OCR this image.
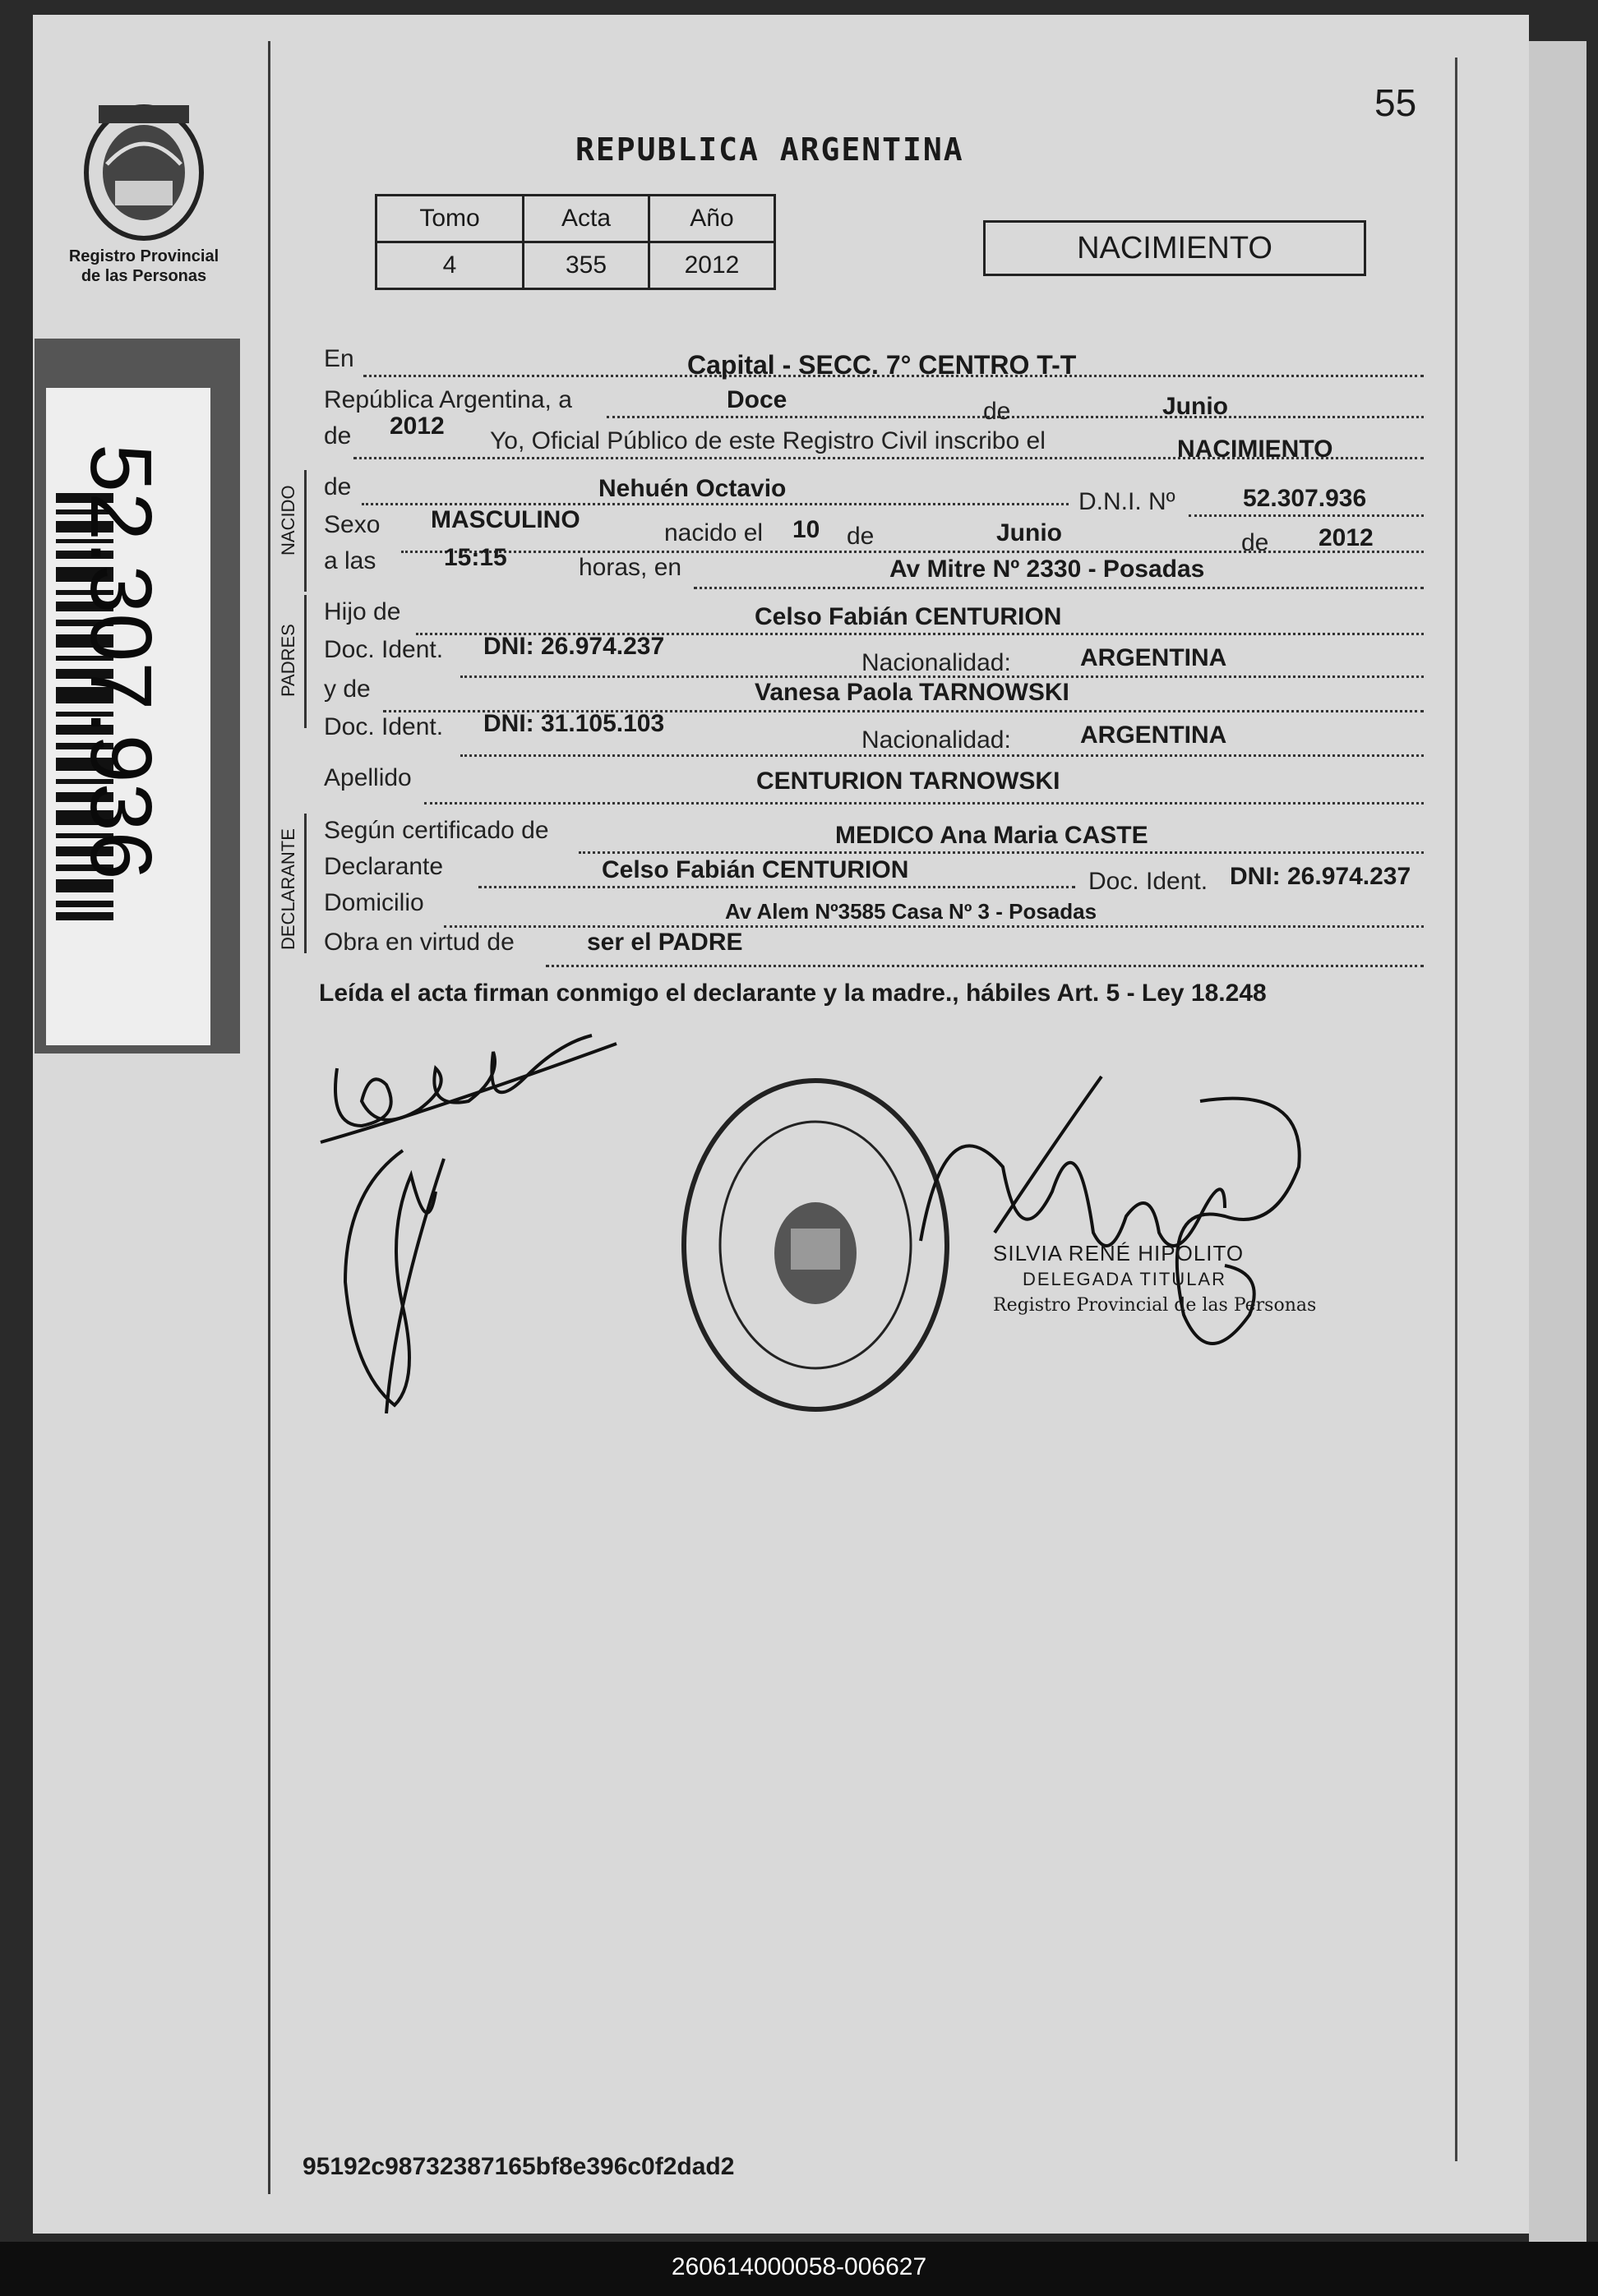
Registro Provincial
de las Personas
52.307.936
55
REPUBLICA ARGENTINA
Tomo	Acta	Año
4	355	2012	NACIMIENTO
En	Capital - SECC. 7° CENTRO T-T
República Argentina, a	Doce	de	Junio
de 2012
Yo, Oficial Público de este Registro Civil inscribo el	NACIMIENTO
NACIDO de	Nehuén Octavio	D.N.I. Nº	52.307.936
Sexo MASCULINO	nacido el 10 de	Junio	de 2012
a las	15:15	horas, en	Av Mitre Nº 2330 - Posadas
PADRES
Hijo de	Celso Fabián CENTURION
Doc. Ident. DNI: 26.974.237
Nacionalidad:	ARGENTINA
y de	Vanesa Paola TARNOWSKI
Doc. Ident. DNI: 31.105.103
Nacionalidad:	ARGENTINA
Apellido	CENTURION TARNOWSKI
DECLARANTE Según certificado de	MEDICO Ana Maria CASTE
Declarante	Celso Fabián CENTURION	Doc. Ident. DNI: 26.974.237
Domicilio	Av Alem Nº3585 Casa Nº 3 - Posadas
Obra en virtud de	ser el PADRE
Leída el acta firman conmigo el declarante y la madre., hábiles Art. 5 - Ley 18.248
SILVIA RENÉ HIPOLITO
DELEGADA TITULAR
Registro Provincial de las Personas
95192c98732387165bf8e396c0f2dad2
260614000058-006627
